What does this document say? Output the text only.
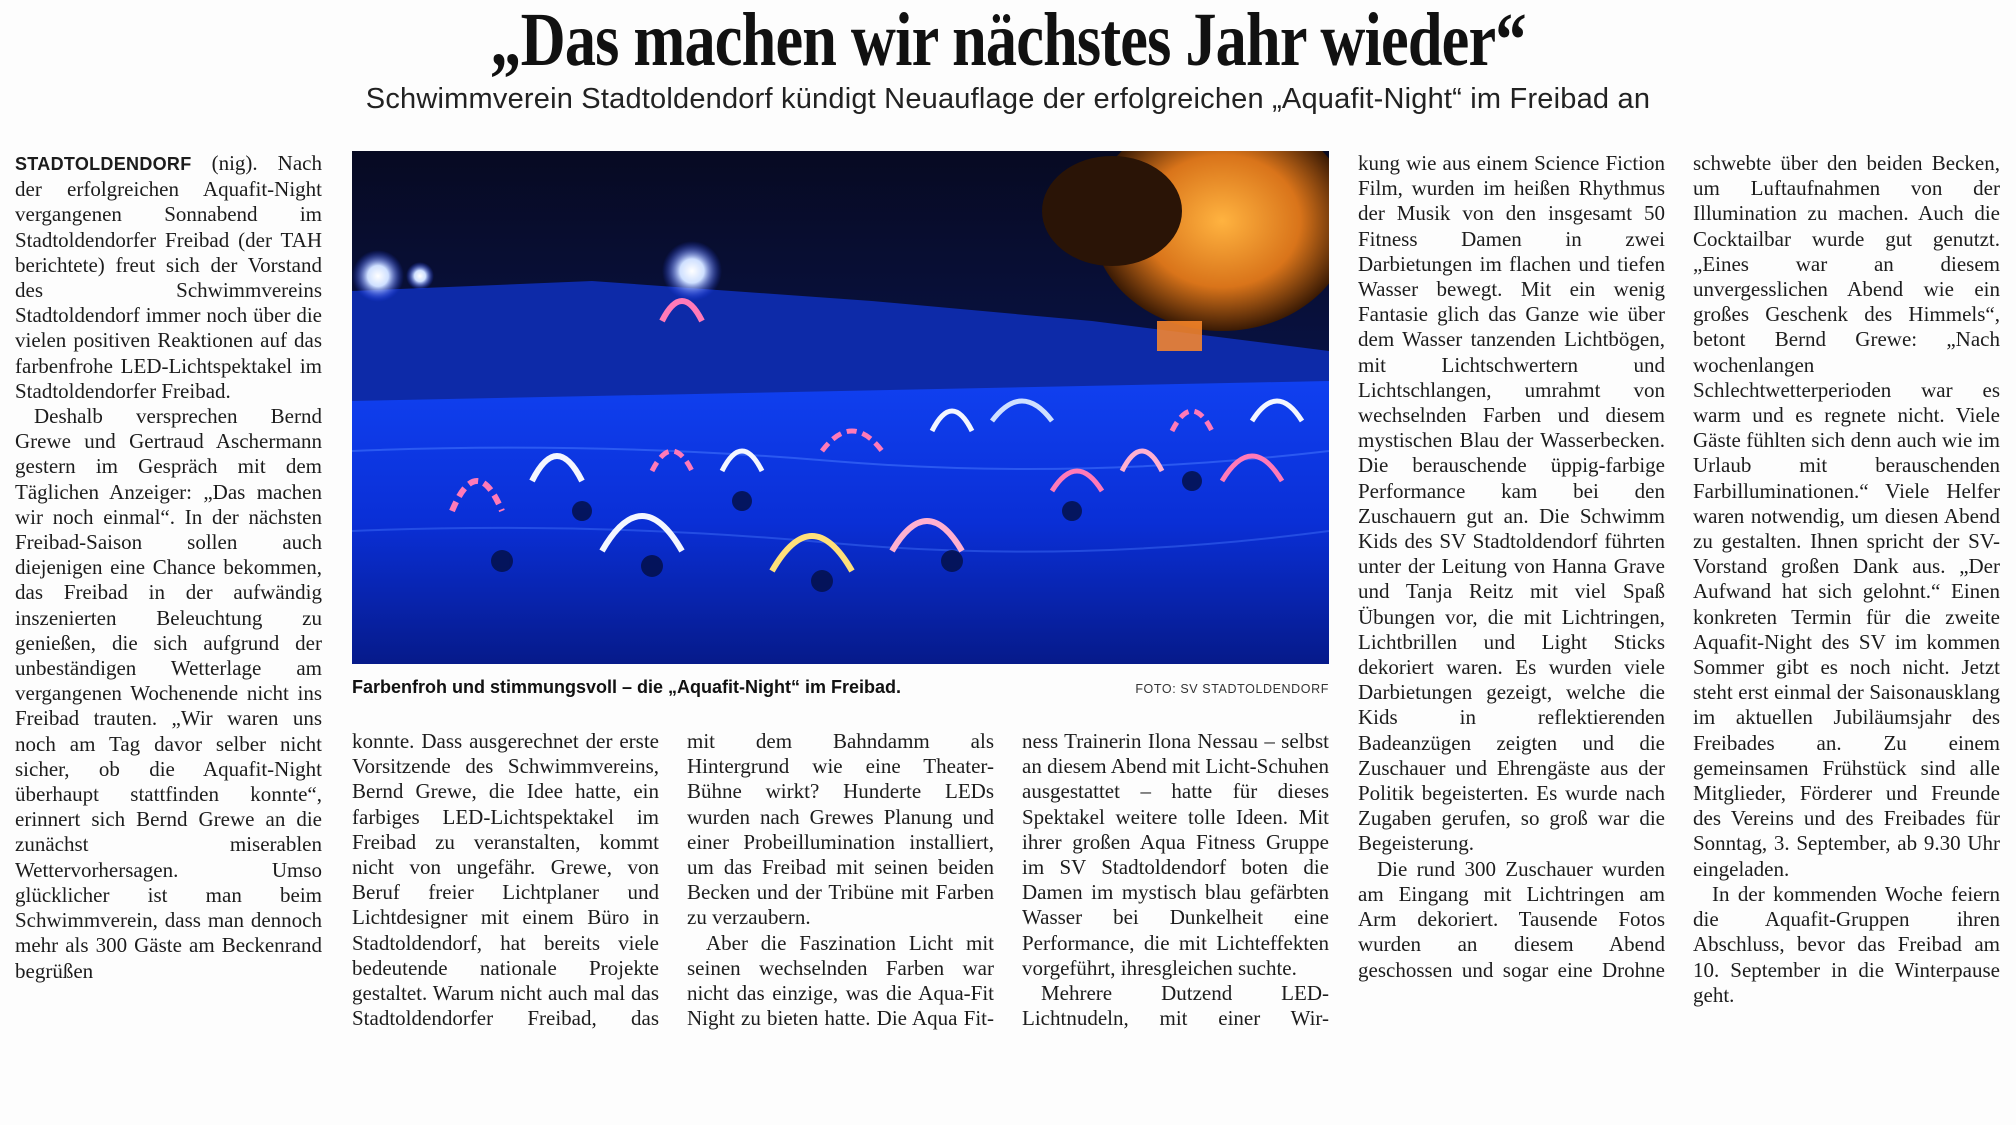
„Das machen wir nächstes Jahr wieder“
Schwimmverein Stadtoldendorf kündigt Neuauflage der erfolgreichen „Aquafit-Night“ im Freibad an

STADTOLDENDORF (nig). Nach der erfolgreichen Aquafit-Night vergangenen Sonnabend im Stadtoldendorfer Freibad (der TAH berichtete) freut sich der Vorstand des Schwimmvereins Stadtoldendorf immer noch über die vielen positiven Reaktionen auf das farbenfrohe LED-Lichtspektakel im Stadtoldendorfer Freibad.

Deshalb versprechen Bernd Grewe und Gertraud Aschermann gestern im Gespräch mit dem Täglichen Anzeiger: „Das machen wir noch einmal“. In der nächsten Freibad-Saison sollen auch diejenigen eine Chance bekommen, das Freibad in der aufwändig inszenierten Beleuchtung zu genießen, die sich aufgrund der unbeständigen Wetterlage am vergangenen Wochenende nicht ins Freibad trauten. „Wir waren uns noch am Tag davor selber nicht sicher, ob die Aquafit-Night überhaupt stattfinden konnte“, erinnert sich Bernd Grewe an die zunächst miserablen Wettervorhersagen. Umso glücklicher ist man beim Schwimmverein, dass man dennoch mehr als 300 Gäste am Beckenrand begrüßen

Farbenfroh und stimmungsvoll – die „Aquafit-Night“ im Freibad.	FOTO: SV STADTOLDENDORF

konnte. Dass ausgerechnet der erste Vorsitzende des Schwimmvereins, Bernd Grewe, die Idee hatte, ein farbiges LED-Lichtspektakel im Freibad zu veranstalten, kommt nicht von ungefähr. Grewe, von Beruf freier Lichtplaner und Lichtdesigner mit einem Büro in Stadtoldendorf, hat bereits viele bedeutende nationale Projekte gestaltet. Warum nicht auch mal das Stadtoldendorfer Freibad, das

mit dem Bahndamm als Hintergrund wie eine Theater-Bühne wirkt? Hunderte LEDs wurden nach Grewes Planung und einer Probeillumination installiert, um das Freibad mit seinen beiden Becken und der Tribüne mit Farben zu verzaubern.

Aber die Faszination Licht mit seinen wechselnden Farben war nicht das einzige, was die Aqua-Fit Night zu bieten hatte. Die Aqua Fit-

ness Trainerin Ilona Nessau – selbst an diesem Abend mit Licht-Schuhen ausgestattet – hatte für dieses Spektakel weitere tolle Ideen. Mit ihrer großen Aqua Fitness Gruppe im SV Stadtoldendorf boten die Damen im mystisch blau gefärbten Wasser bei Dunkelheit eine Performance, die mit Lichteffekten vorgeführt, ihresgleichen suchte.

Mehrere Dutzend LED-Lichtnudeln, mit einer Wir-

kung wie aus einem Science Fiction Film, wurden im heißen Rhythmus der Musik von den insgesamt 50 Fitness Damen in zwei Darbietungen im flachen und tiefen Wasser bewegt. Mit ein wenig Fantasie glich das Ganze wie über dem Wasser tanzenden Lichtbögen, mit Lichtschwertern und Lichtschlangen, umrahmt von wechselnden Farben und diesem mystischen Blau der Wasserbecken. Die berauschende üppig-farbige Performance kam bei den Zuschauern gut an. Die Schwimm Kids des SV Stadtoldendorf führten unter der Leitung von Hanna Grave und Tanja Reitz mit viel Spaß Übungen vor, die mit Lichtringen, Lichtbrillen und Light Sticks dekoriert waren. Es wurden viele Darbietungen gezeigt, welche die Kids in reflektierenden Badeanzügen zeigten und die Zuschauer und Ehrengäste aus der Politik begeisterten. Es wurde nach Zugaben gerufen, so groß war die Begeisterung.

Die rund 300 Zuschauer wurden am Eingang mit Lichtringen am Arm dekoriert. Tausende Fotos wurden an diesem Abend geschossen und sogar eine Drohne

schwebte über den beiden Becken, um Luftaufnahmen von der Illumination zu machen. Auch die Cocktailbar wurde gut genutzt. „Eines war an diesem unvergesslichen Abend wie ein großes Geschenk des Himmels“, betont Bernd Grewe: „Nach wochenlangen Schlechtwetterperioden war es warm und es regnete nicht. Viele Gäste fühlten sich denn auch wie im Urlaub mit berauschenden Farbilluminationen.“ Viele Helfer waren notwendig, um diesen Abend zu gestalten. Ihnen spricht der SV-Vorstand großen Dank aus. „Der Aufwand hat sich gelohnt.“ Einen konkreten Termin für die zweite Aquafit-Night des SV im kommen Sommer gibt es noch nicht. Jetzt steht erst einmal der Saisonausklang im aktuellen Jubiläumsjahr des Freibades an. Zu einem gemeinsamen Frühstück sind alle Mitglieder, Förderer und Freunde des Vereins und des Freibades für Sonntag, 3. September, ab 9.30 Uhr eingeladen.

In der kommenden Woche feiern die Aquafit-Gruppen ihren Abschluss, bevor das Freibad am 10. September in die Winterpause geht.
